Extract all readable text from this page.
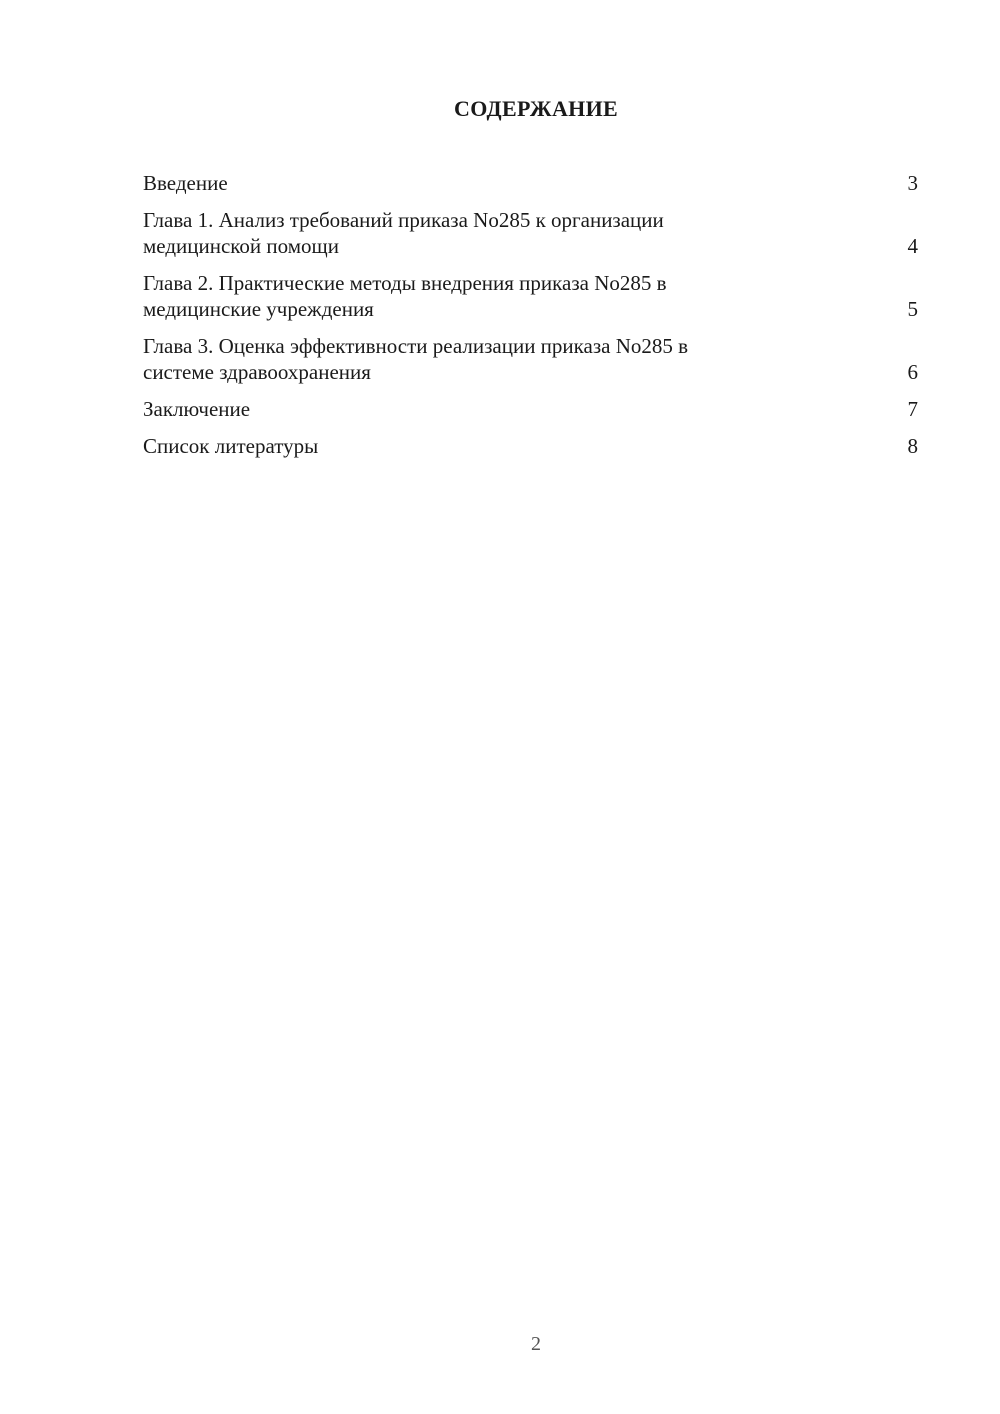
СОДЕРЖАНИЕ
Введение	3
Глава 1. Анализ требований приказа No285 к организации
медицинской помощи	4
Глава 2. Практические методы внедрения приказа No285 в
медицинские учреждения	5
Глава 3. Оценка эффективности реализации приказа No285 в
системе здравоохранения	6
Заключение	7
Список литературы	8
2
